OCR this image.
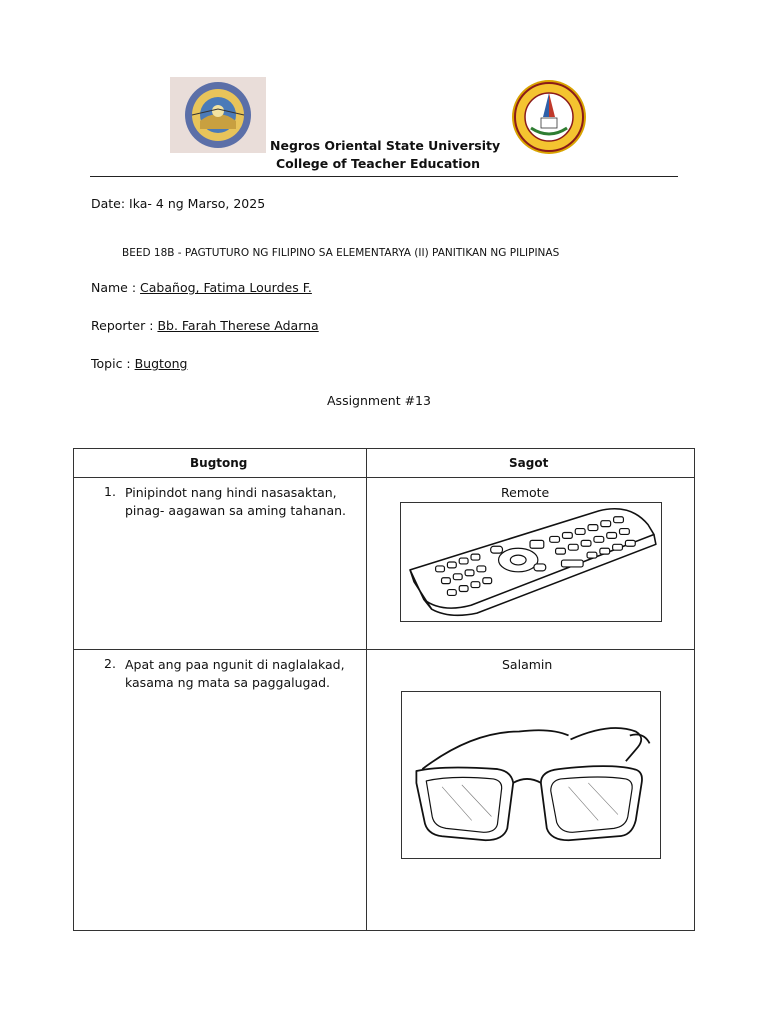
Negros Oriental State University
College of Teacher Education
Date: Ika- 4 ng Marso, 2025
BEED 18B - PAGTUTURO NG FILIPINO SA ELEMENTARYA (II) PANITIKAN NG PILIPINAS
Name : Cabañog, Fatima Lourdes F.
Reporter : Bb. Farah Therese Adarna
Topic : Bugtong
Assignment #13
Bugtong	Sagot
1. Pinipindot nang hindi nasasaktan, pinag- aagawan sa aming tahanan.
Remote
2. Apat ang paa ngunit di naglalakad, kasama ng mata sa paggalugad.
Salamin
